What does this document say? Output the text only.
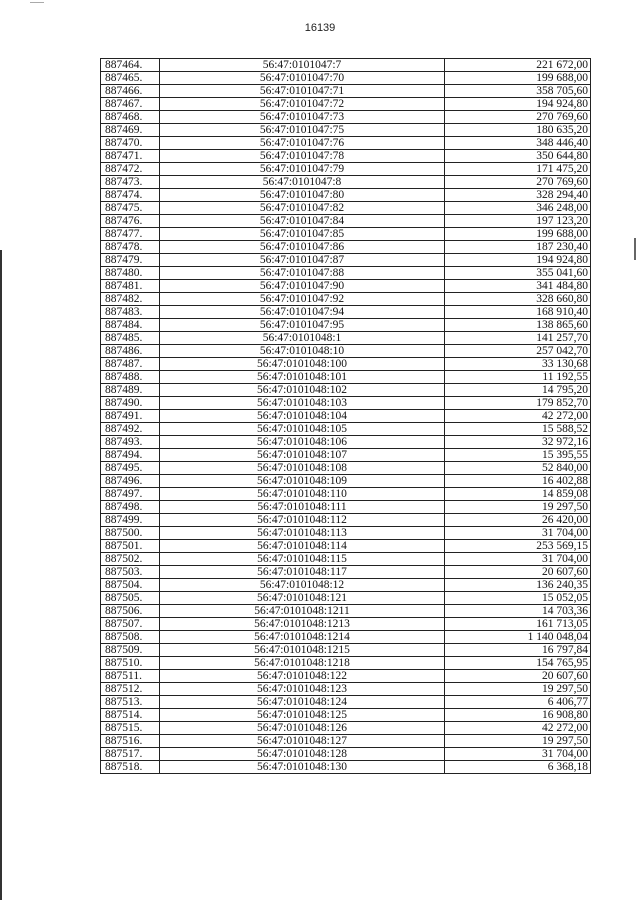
16139
887464.	56:47:0101047:7	221 672,00
887465.	56:47:0101047:70	199 688,00
887466.	56:47:0101047:71	358 705,60
887467.	56:47:0101047:72	194 924,80
887468.	56:47:0101047:73	270 769,60
887469.	56:47:0101047:75	180 635,20
887470.	56:47:0101047:76	348 446,40
887471.	56:47:0101047:78	350 644,80
887472.	56:47:0101047:79	171 475,20
887473.	56:47:0101047:8	270 769,60
887474.	56:47:0101047:80	328 294,40
887475.	56:47:0101047:82	346 248,00
887476.	56:47:0101047:84	197 123,20
887477.	56:47:0101047:85	199 688,00
887478.	56:47:0101047:86	187 230,40
887479.	56:47:0101047:87	194 924,80
887480.	56:47:0101047:88	355 041,60
887481.	56:47:0101047:90	341 484,80
887482.	56:47:0101047:92	328 660,80
887483.	56:47:0101047:94	168 910,40
887484.	56:47:0101047:95	138 865,60
887485.	56:47:0101048:1	141 257,70
887486.	56:47:0101048:10	257 042,70
887487.	56:47:0101048:100	33 130,68
887488.	56:47:0101048:101	11 192,55
887489.	56:47:0101048:102	14 795,20
887490.	56:47:0101048:103	179 852,70
887491.	56:47:0101048:104	42 272,00
887492.	56:47:0101048:105	15 588,52
887493.	56:47:0101048:106	32 972,16
887494.	56:47:0101048:107	15 395,55
887495.	56:47:0101048:108	52 840,00
887496.	56:47:0101048:109	16 402,88
887497.	56:47:0101048:110	14 859,08
887498.	56:47:0101048:111	19 297,50
887499.	56:47:0101048:112	26 420,00
887500.	56:47:0101048:113	31 704,00
887501.	56:47:0101048:114	253 569,15
887502.	56:47:0101048:115	31 704,00
887503.	56:47:0101048:117	20 607,60
887504.	56:47:0101048:12	136 240,35
887505.	56:47:0101048:121	15 052,05
887506.	56:47:0101048:1211	14 703,36
887507.	56:47:0101048:1213	161 713,05
887508.	56:47:0101048:1214	1 140 048,04
887509.	56:47:0101048:1215	16 797,84
887510.	56:47:0101048:1218	154 765,95
887511.	56:47:0101048:122	20 607,60
887512.	56:47:0101048:123	19 297,50
887513.	56:47:0101048:124	6 406,77
887514.	56:47:0101048:125	16 908,80
887515.	56:47:0101048:126	42 272,00
887516.	56:47:0101048:127	19 297,50
887517.	56:47:0101048:128	31 704,00
887518.	56:47:0101048:130	6 368,18
